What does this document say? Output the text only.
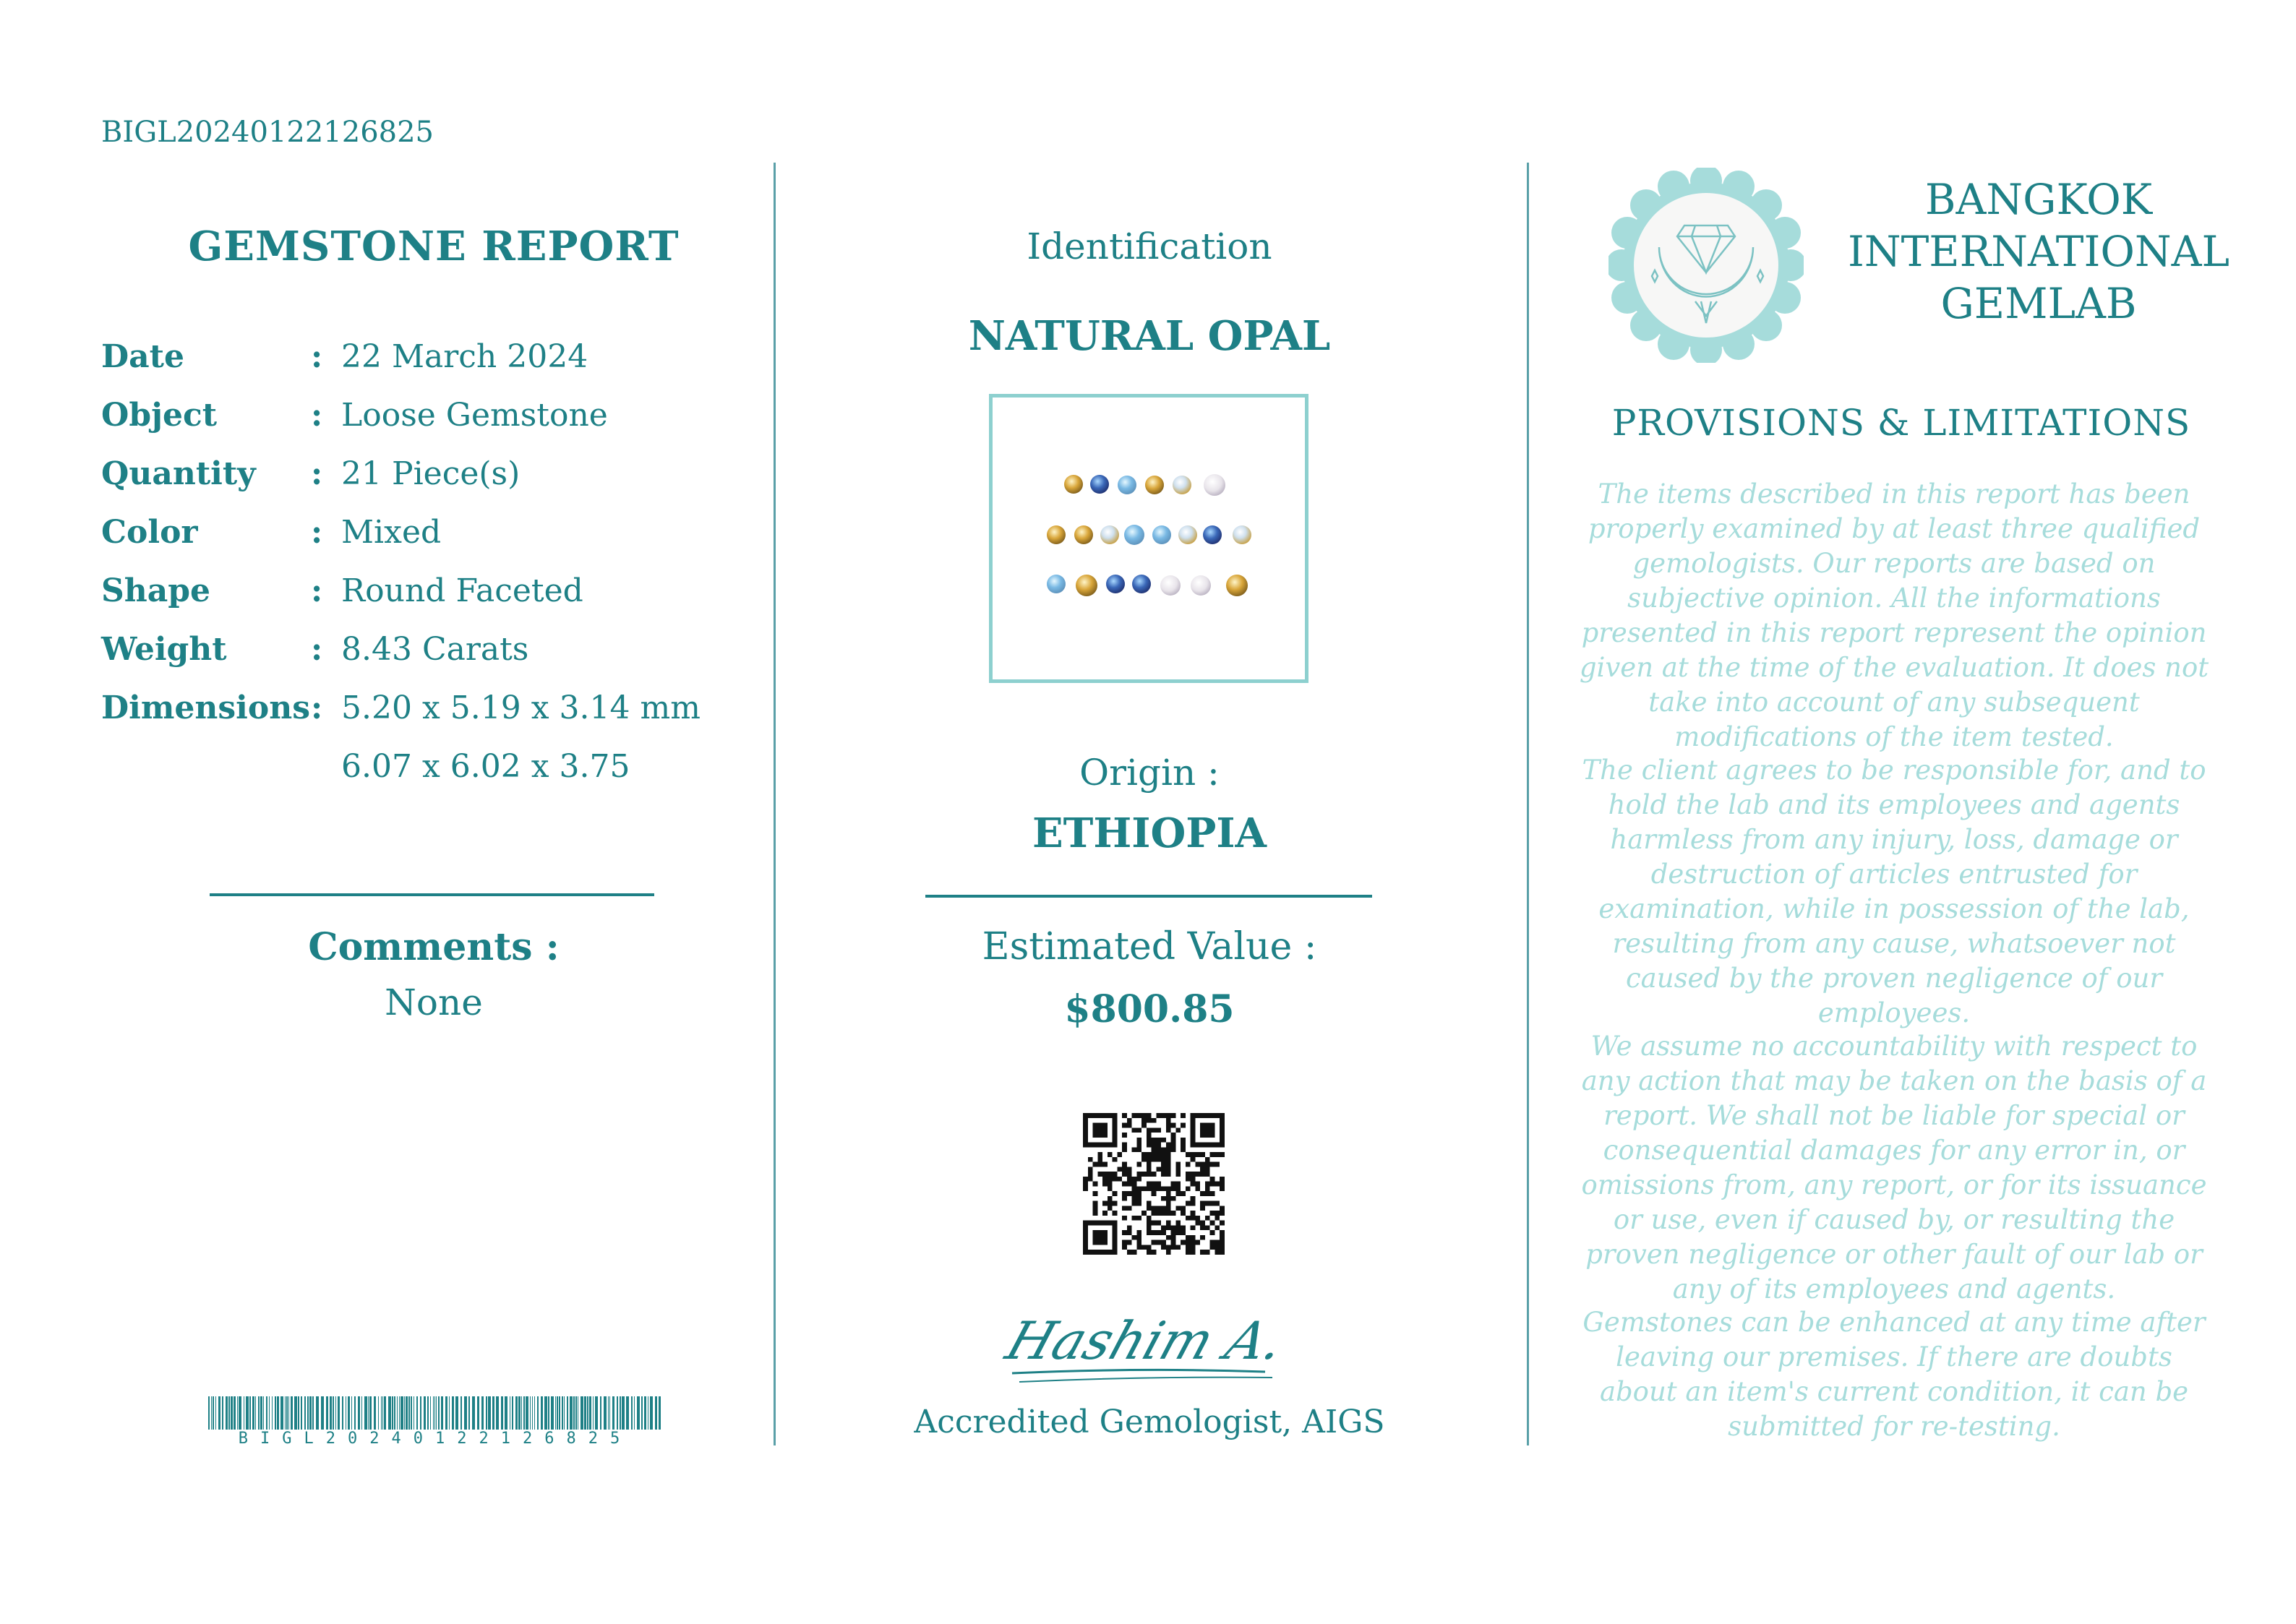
BIGL20240122126825
GEMSTONE REPORT
Date	: 22 March 2024
Object	: Loose Gemstone
Quantity	: 21 Piece(s)
Color	: Mixed
Shape	: Round Faceted
Weight	: 8.43 Carats
Dimensions : 5.20 x 5.19 x 3.14 mm
6.07 x 6.02 x 3.75
Comments :
None
BIGL20240122126825
Identification
NATURAL OPAL
Origin :
ETHIOPIA
Estimated Value :
$800.85
Hashim A.
Accredited Gemologist, AIGS
BANGKOK
INTERNATIONAL
GEMLAB
PROVISIONS & LIMITATIONS
The items described in this report has been properly examined by at least three qualified gemologists. Our reports are based on subjective opinion. All the informations presented in this report represent the opinion given at the time of the evaluation. It does not take into account of any subsequent modifications of the item tested.
The client agrees to be responsible for, and to hold the lab and its employees and agents harmless from any injury, loss, damage or destruction of articles entrusted for examination, while in possession of the lab, resulting from any cause, whatsoever not caused by the proven negligence of our employees.
We assume no accountability with respect to any action that may be taken on the basis of a report. We shall not be liable for special or consequential damages for any error in, or omissions from, any report, or for its issuance or use, even if caused by, or resulting the proven negligence or other fault of our lab or any of its employees and agents.
Gemstones can be enhanced at any time after leaving our premises. If there are doubts about an item's current condition, it can be submitted for re-testing.
